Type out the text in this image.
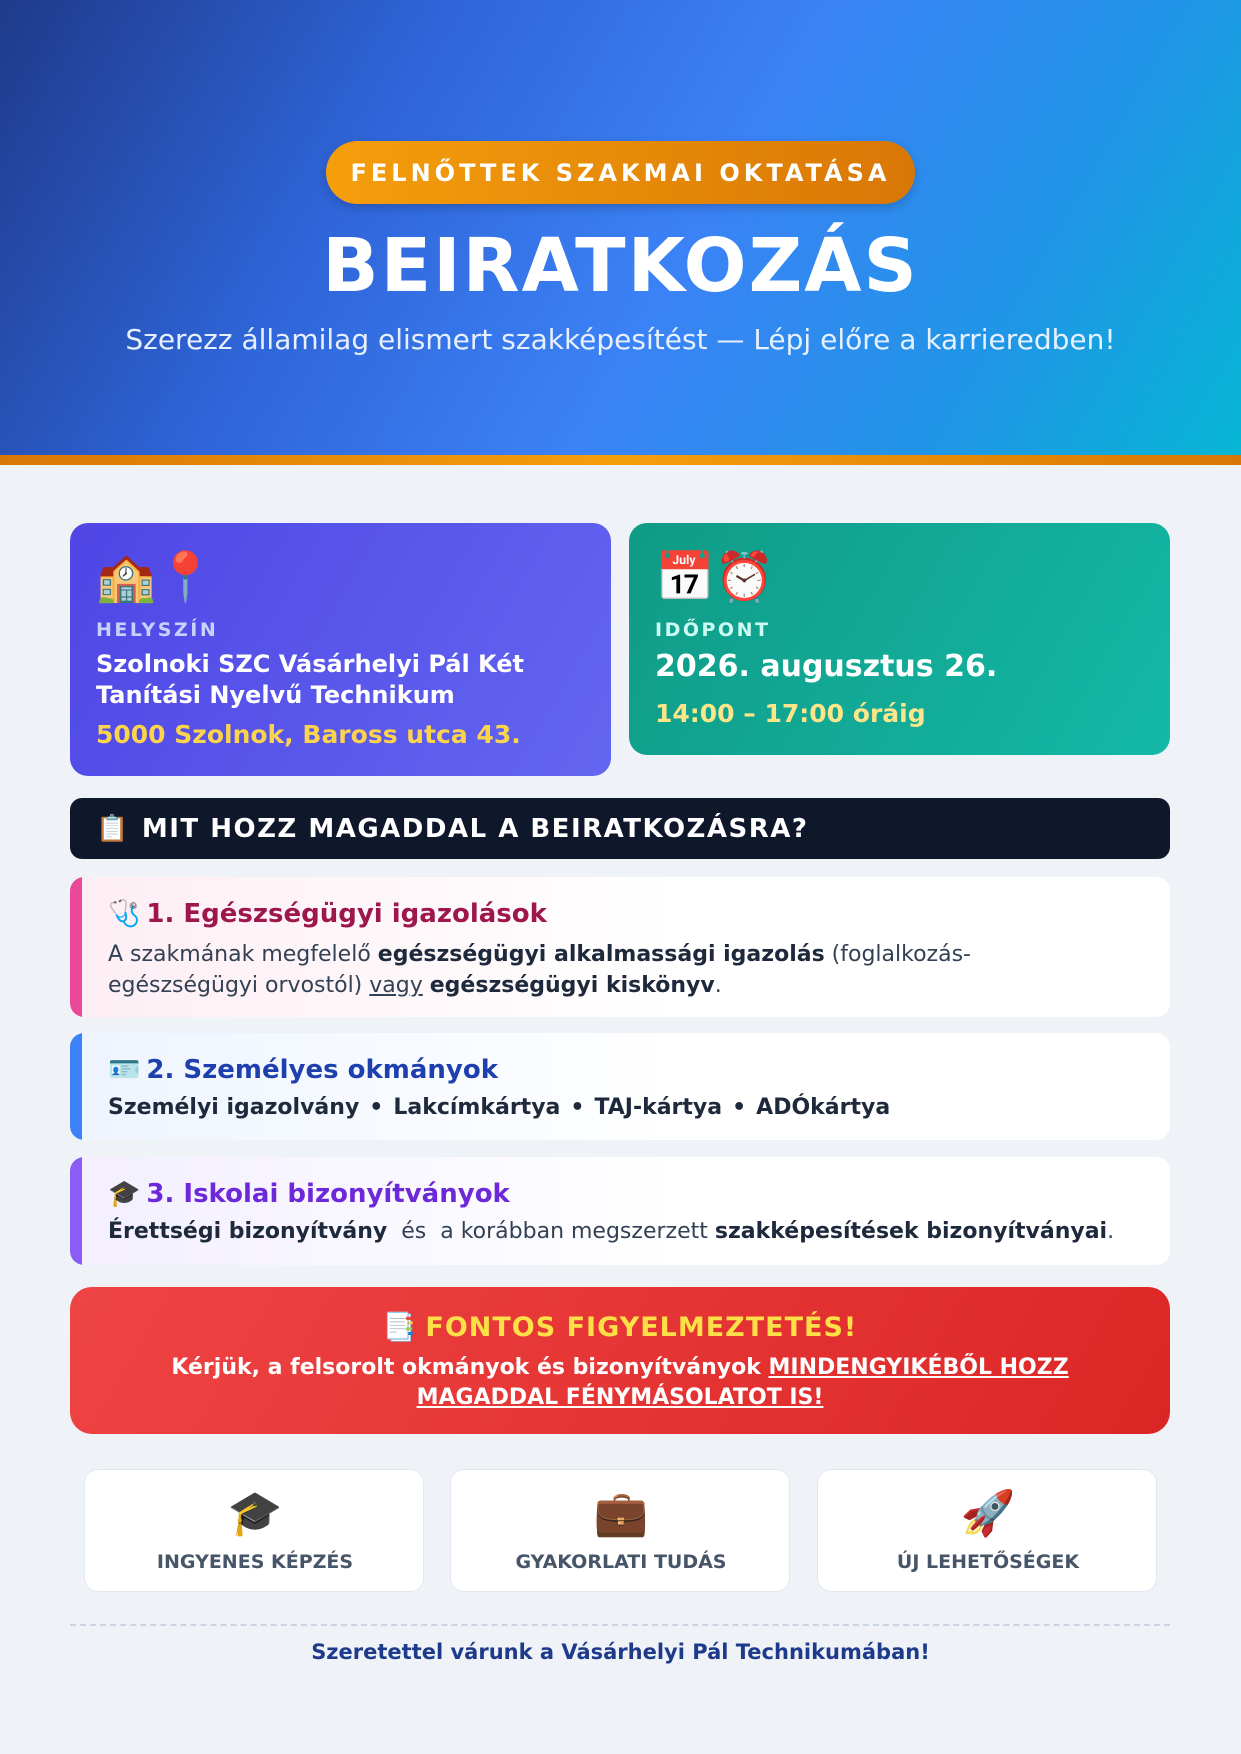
FELNŐTTEK SZAKMAI OKTATÁSA
BEIRATKOZÁS
Szerezz államilag elismert szakképesítést — Lépj előre a karrieredben!
🏫📍
HELYSZÍN
Szolnoki SZC Vásárhelyi Pál Két Tanítási Nyelvű Technikum
5000 Szolnok, Baross utca 43.
📅⏰
IDŐPONT
2026. augusztus 26.
14:00 – 17:00 óráig
📋 MIT HOZZ MAGADDAL A BEIRATKOZÁSRA?
🩺 1. Egészségügyi igazolások
A szakmának megfelelő egészségügyi alkalmassági igazolás (foglalkozás-egészségügyi orvostól) vagy egészségügyi kiskönyv.
🪪 2. Személyes okmányok
Személyi igazolvány • Lakcímkártya • TAJ-kártya • ADÓkártya
🎓 3. Iskolai bizonyítványok
Érettségi bizonyítvány  és  a korábban megszerzett szakképesítések bizonyítványai.
📑 FONTOS FIGYELMEZTETÉS!
Kérjük, a felsorolt okmányok és bizonyítványok MINDENGYIKÉBŐL HOZZ MAGADDAL FÉNYMÁSOLATOT IS!
🎓
INGYENES KÉPZÉS
💼
GYAKORLATI TUDÁS
🚀
ÚJ LEHETŐSÉGEK
Szeretettel várunk a Vásárhelyi Pál Technikumában!
